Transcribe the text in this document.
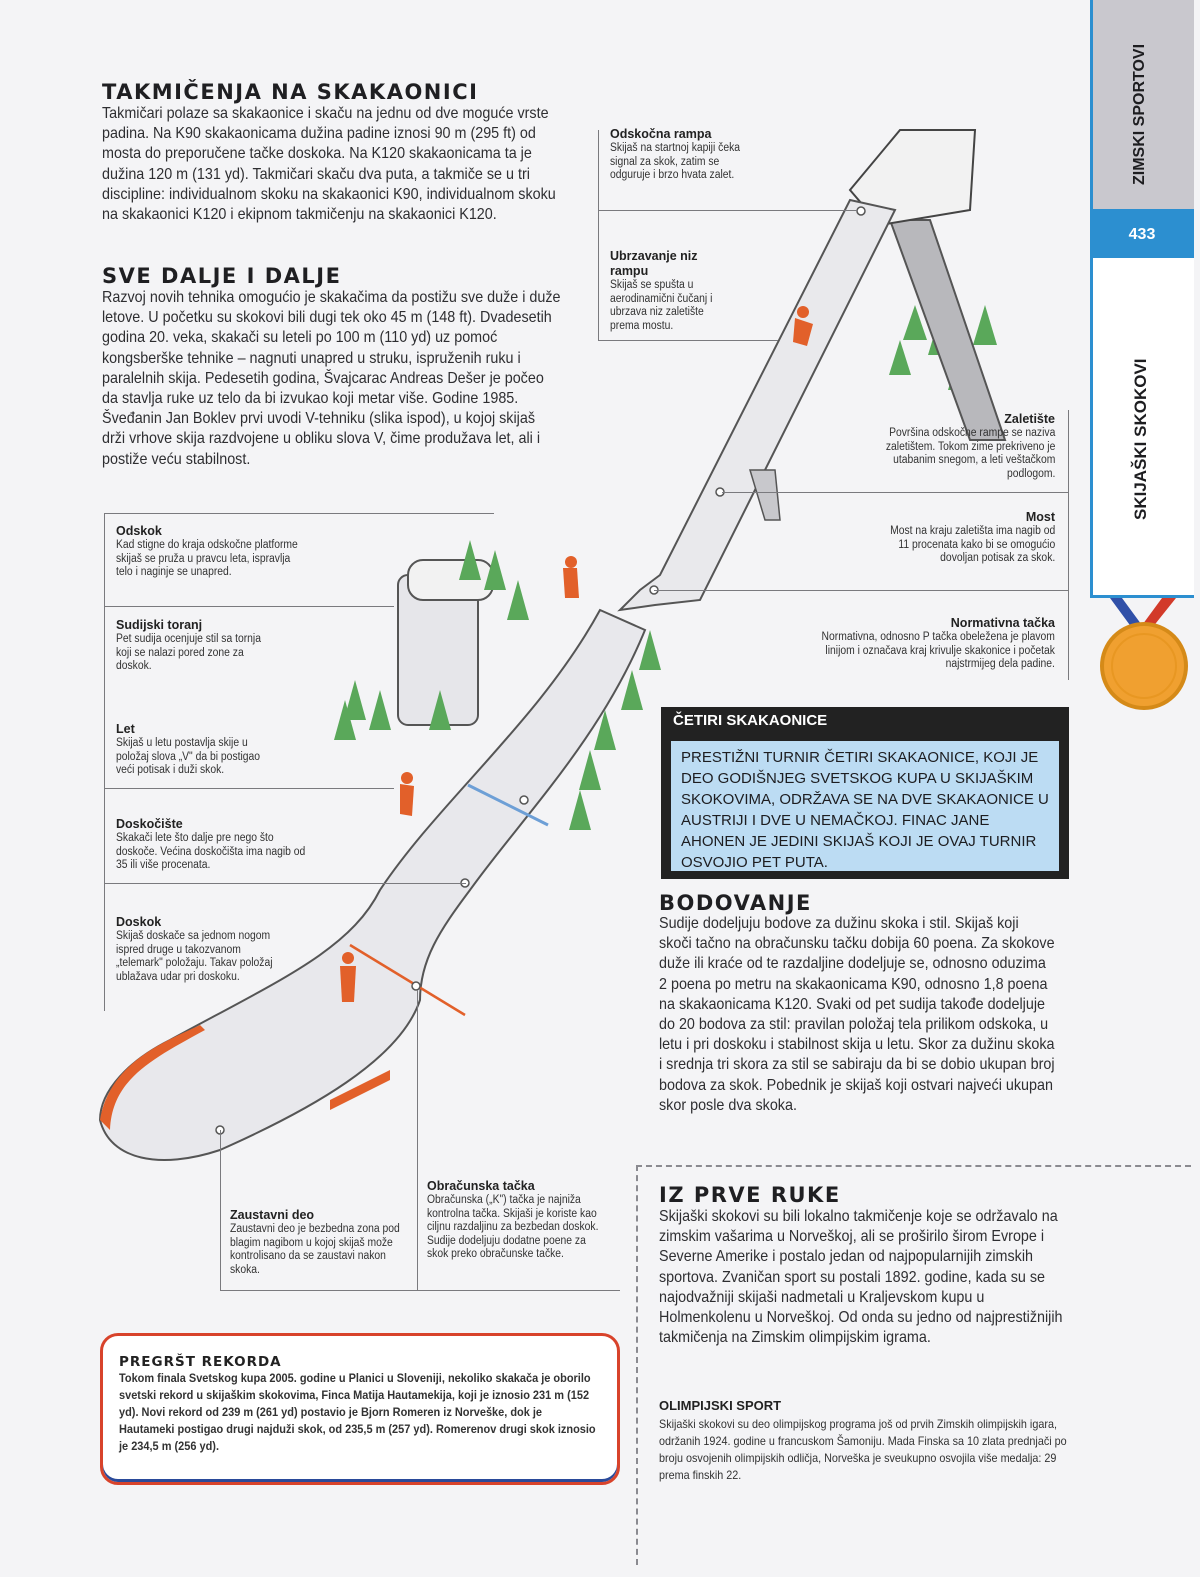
ZIMSKI SPORTOVI
433
SKIJAŠKI SKOKOVI
TAKMIČENJA NA SKAKAONICI
Takmičari polaze sa skakaonice i skaču na jednu od dve moguće vrste padina. Na K90 skakaonicama dužina padine iznosi 90 m (295 ft) od mosta do preporučene tačke doskoka. Na K120 skakaonicama ta je dužina 120 m (131 yd). Takmičari skaču dva puta, a takmiče se u tri discipline: individualnom skoku na skakaonici K90, individualnom skoku na skakaonici K120 i ekipnom takmičenju na skakaonici K120.
SVE DALJE I DALJE
Razvoj novih tehnika omogućio je skakačima da postižu sve duže i duže letove. U početku su skokovi bili dugi tek oko 45 m (148 ft). Dvadesetih godina 20. veka, skakači su leteli po 100 m (110 yd) uz pomoć kongsberške tehnike – nagnuti unapred u struku, ispruženih ruku i paralelnih skija. Pedesetih godina, Švajcarac Andreas Dešer je počeo da stavlja ruke uz telo da bi izvukao koji metar više. Godine 1985. Šveđanin Jan Boklev prvi uvodi V-tehniku (slika ispod), u kojoj skijaš drži vrhove skija razdvojene u obliku slova V, čime produžava let, ali i postiže veću stabilnost.
Odskočna rampa
Skijaš na startnoj kapiji čeka signal za skok, zatim se odguruje i brzo hvata zalet.
Ubrzavanje niz rampu
Skijaš se spušta u aerodinamični čučanj i ubrzava niz zaletište prema mostu.
Zaletište
Površina odskočne rampe se naziva zaletištem. Tokom zime prekriveno je utabanim snegom, a leti veštačkom podlogom.
Most
Most na kraju zaletišta ima nagib od 11 procenata kako bi se omogućio dovoljan potisak za skok.
Normativna tačka
Normativna, odnosno P tačka obeležena je plavom linijom i označava kraj krivulje skakonice i početak najstrmijeg dela padine.
Odskok
Kad stigne do kraja odskočne platforme skijaš se pruža u pravcu leta, ispravlja telo i naginje se unapred.
Sudijski toranj
Pet sudija ocenjuje stil sa tornja koji se nalazi pored zone za doskok.
Let
Skijaš u letu postavlja skije u položaj slova „V" da bi postigao veći potisak i duži skok.
Doskočište
Skakači lete što dalje pre nego što doskoče. Većina doskočišta ima nagib od 35 ili više procenata.
Doskok
Skijaš doskače sa jednom nogom ispred druge u takozvanom „telemark" položaju. Takav položaj ublažava udar pri doskoku.
Zaustavni deo
Zaustavni deo je bezbedna zona pod blagim nagibom u kojoj skijaš može kontrolisano da se zaustavi nakon skoka.
Obračunska tačka
Obračunska („K") tačka je najniža kontrolna tačka. Skijaši je koriste kao ciljnu razdaljinu za bezbedan doskok. Sudije dodeljuju dodatne poene za skok preko obračunske tačke.
ČETIRI SKAKAONICE
PRESTIŽNI TURNIR ČETIRI SKAKAONICE, KOJI JE DEO GODIŠNJEG SVETSKOG KUPA U SKIJAŠKIM SKOKOVIMA, ODRŽAVA SE NA DVE SKAKAONICE U AUSTRIJI I DVE U NEMAČKOJ. FINAC JANE AHONEN JE JEDINI SKIJAŠ KOJI JE OVAJ TURNIR OSVOJIO PET PUTA.
BODOVANJE
Sudije dodeljuju bodove za dužinu skoka i stil. Skijaš koji skoči tačno na obračunsku tačku dobija 60 poena. Za skokove duže ili kraće od te razdaljine dodeljuje se, odnosno oduzima 2 poena po metru na skakaonicama K90, odnosno 1,8 poena na skakaonicama K120. Svaki od pet sudija takođe dodeljuje do 20 bodova za stil: pravilan položaj tela prilikom odskoka, u letu i pri doskoku i stabilnost skija u letu. Skor za dužinu skoka i srednja tri skora za stil se sabiraju da bi se dobio ukupan broj bodova za skok. Pobednik je skijaš koji ostvari najveći ukupan skor posle dva skoka.
IZ PRVE RUKE
Skijaški skokovi su bili lokalno takmičenje koje se održavalo na zimskim vašarima u Norveškoj, ali se proširilo širom Evrope i Severne Amerike i postalo jedan od najpopularnijih zimskih sportova. Zvaničan sport su postali 1892. godine, kada su se najodvažniji skijaši nadmetali u Kraljevskom kupu u Holmenkolenu u Norveškoj. Od onda su jedno od najprestižnijih takmičenja na Zimskim olimpijskim igrama.
OLIMPIJSKI SPORT
Skijaški skokovi su deo olimpijskog programa još od prvih Zimskih olimpijskih igara, održanih 1924. godine u francuskom Šamoniju. Mada Finska sa 10 zlata prednjači po broju osvojenih olimpijskih odličja, Norveška je sveukupno osvojila više medalja: 29 prema finskih 22.
PREGRŠT REKORDA
Tokom finala Svetskog kupa 2005. godine u Planici u Sloveniji, nekoliko skakača je oborilo svetski rekord u skijaškim skokovima, Finca Matija Hautamekija, koji je iznosio 231 m (152 yd). Novi rekord od 239 m (261 yd) postavio je Bjorn Romeren iz Norveške, dok je Hautameki postigao drugi najduži skok, od 235,5 m (257 yd). Romerenov drugi skok iznosio je 234,5 m (256 yd).
